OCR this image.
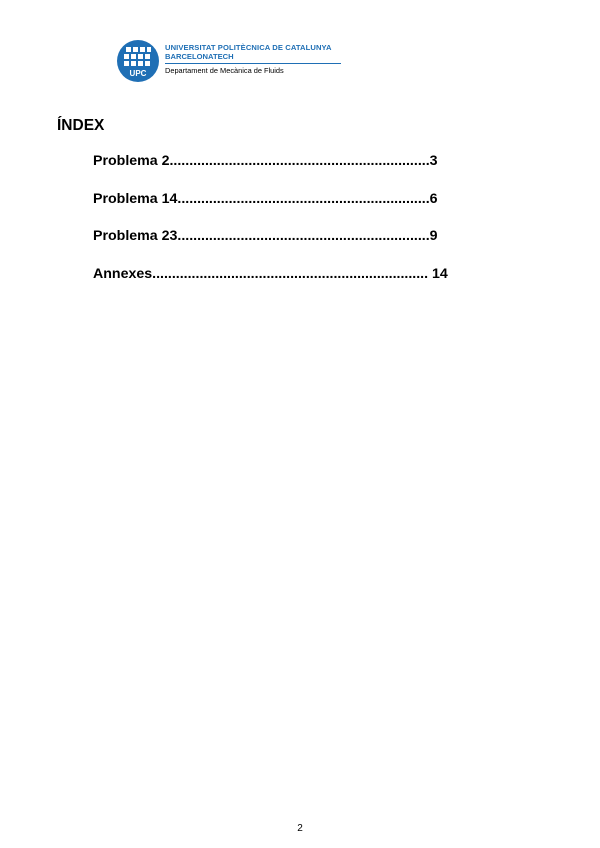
UPC
UNIVERSITAT POLITÈCNICA DE CATALUNYA
BARCELONATECH
Departament de Mecànica de Fluids
ÍNDEX
Problema 2..................................................................3
Problema 14................................................................6
Problema 23................................................................9
Annexes...................................................................... 14
2
